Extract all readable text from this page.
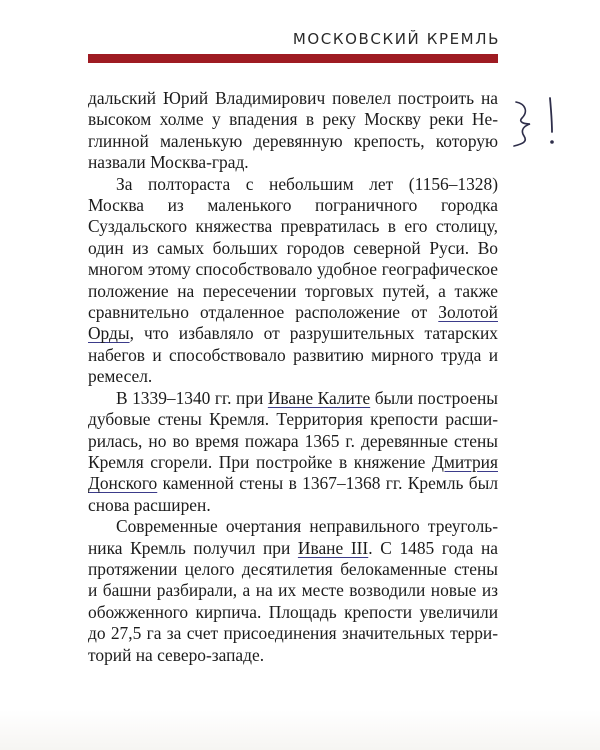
МОСКОВСКИЙ КРЕМЛЬ

дальский Юрий Владимирович повелел построить на высоком холме у впадения в реку Москву реки Неглинной маленькую деревянную крепость, которую назвали Москва-град.

За полтораста с небольшим лет (1156–1328) Москва из маленького пограничного городка Суздальского княжества превратилась в его столицу, один из самых больших городов северной Руси. Во многом этому способствовало удобное географическое положение на пересечении торговых путей, а также сравнительно отдаленное расположение от Золотой Орды, что избавляло от разрушительных татарских набегов и способствовало развитию мирного труда и ремесел.

В 1339–1340 гг. при Иване Калите были построены дубовые стены Кремля. Территория крепости расширилась, но во время пожара 1365 г. деревянные стены Кремля сгорели. При постройке в княжение Дмитрия Донского каменной стены в 1367–1368 гг. Кремль был снова расширен.

Современные очертания неправильного треугольника Кремль получил при Иване III. С 1485 года на протяжении целого десятилетия белокаменные стены и башни разбирали, а на их месте возводили новые из обожженного кирпича. Площадь крепости увеличили до 27,5 га за счет присоединения значительных территорий на северо-западе.
